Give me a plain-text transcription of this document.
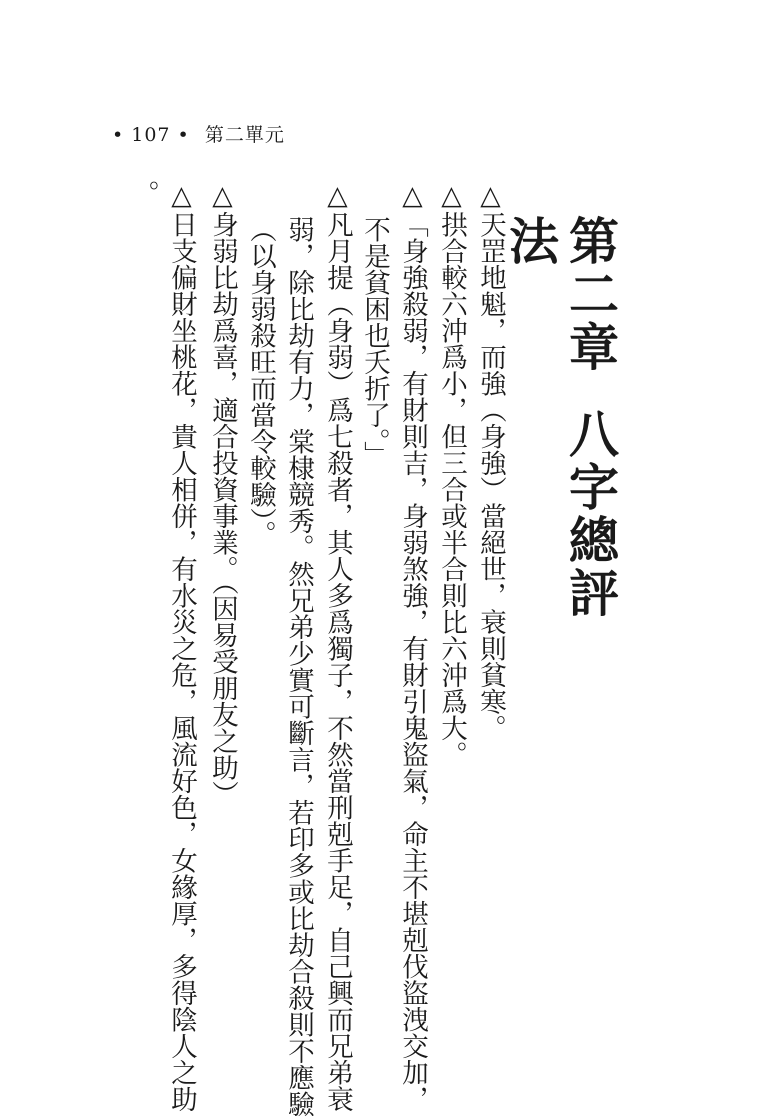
• 107 • 第二單元
第二章八字總評法
△天罡地魁，而強（身強）當絕世，衰則貧寒。
△拱合較六沖爲小，但三合或半合則比六沖爲大。
△「身強殺弱，有財則吉，身弱煞強，有財引鬼盜氣，命主不堪剋伐盜洩交加，
不是貧困也夭折了。」
△凡月提（身弱）爲七殺者，其人多爲獨子，不然當刑剋手足，自己興而兄弟衰
弱，除比劫有力，棠棣競秀。然兄弟少實可斷言，若印多或比劫合殺則不應驗
（以身弱殺旺而當令較驗）。
△身弱比劫爲喜，適合投資事業。（因易受朋友之助）
△日支偏財坐桃花，貴人相併，有水災之危，風流好色，女緣厚，多得陰人之助
。
